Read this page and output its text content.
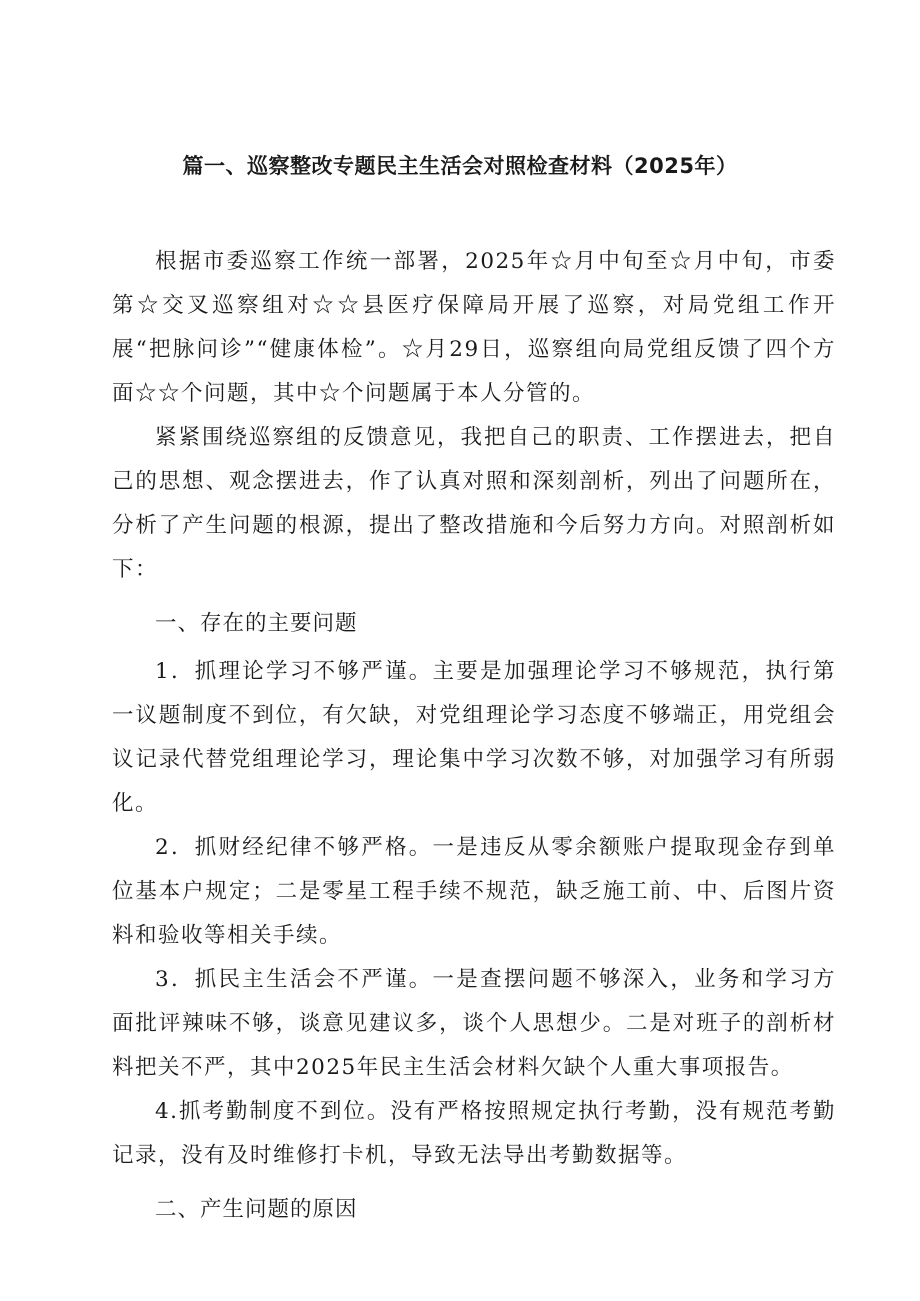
篇一、巡察整改专题民主生活会对照检查材料（2025年）

根据市委巡察工作统一部署，2025年☆月中旬至☆月中旬，市委第☆交叉巡察组对☆☆县医疗保障局开展了巡察，对局党组工作开展“把脉问诊”“健康体检”。☆月29日，巡察组向局党组反馈了四个方面☆☆个问题，其中☆个问题属于本人分管的。

紧紧围绕巡察组的反馈意见，我把自己的职责、工作摆进去，把自己的思想、观念摆进去，作了认真对照和深刻剖析，列出了问题所在，分析了产生问题的根源，提出了整改措施和今后努力方向。对照剖析如下：

一、存在的主要问题

1．抓理论学习不够严谨。主要是加强理论学习不够规范，执行第一议题制度不到位，有欠缺，对党组理论学习态度不够端正，用党组会议记录代替党组理论学习，理论集中学习次数不够，对加强学习有所弱化。

2．抓财经纪律不够严格。一是违反从零余额账户提取现金存到单位基本户规定；二是零星工程手续不规范，缺乏施工前、中、后图片资料和验收等相关手续。

3．抓民主生活会不严谨。一是查摆问题不够深入，业务和学习方面批评辣味不够，谈意见建议多，谈个人思想少。二是对班子的剖析材料把关不严，其中2025年民主生活会材料欠缺个人重大事项报告。

4.抓考勤制度不到位。没有严格按照规定执行考勤，没有规范考勤记录，没有及时维修打卡机，导致无法导出考勤数据等。

二、产生问题的原因
